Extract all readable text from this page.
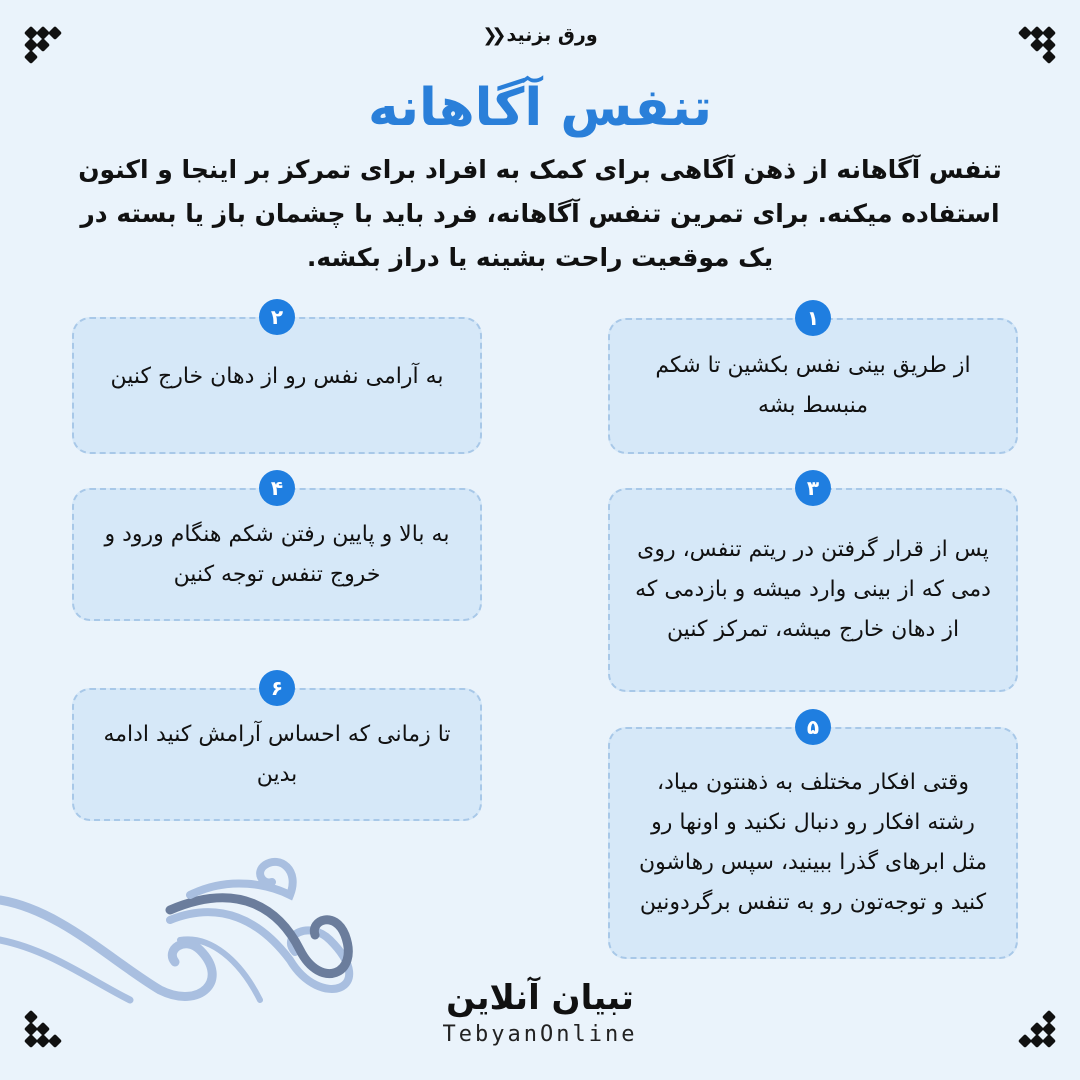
ورق بزنید
❮❮
تنفس آگاهانه
تنفس آگاهانه از ذهن آگاهی برای کمک به افراد برای تمرکز بر اینجا و اکنون استفاده میکنه. برای تمرین تنفس آگاهانه، فرد باید با چشمان باز یا بسته در یک موقعیت راحت بشینه یا دراز بکشه.
۱
از طریق بینی نفس بکشین تا شکم منبسط بشه
۳
پس از قرار گرفتن در ریتم تنفس، روی دمی که از بینی وارد میشه و بازدمی که از دهان خارج میشه، تمرکز کنین
۵
وقتی افکار مختلف به ذهنتون میاد، رشته افکار رو دنبال نکنید و اونها رو مثل ابرهای گذرا ببینید، سپس رهاشون کنید و توجه‌تون رو به تنفس برگردونین
۲
به آرامی نفس رو از دهان خارج کنین
۴
به بالا و پایین رفتن شکم هنگام ورود و خروج تنفس توجه کنین
۶
تا زمانی که احساس آرامش کنید ادامه بدین
تبیان آنلاین
TebyanOnline
